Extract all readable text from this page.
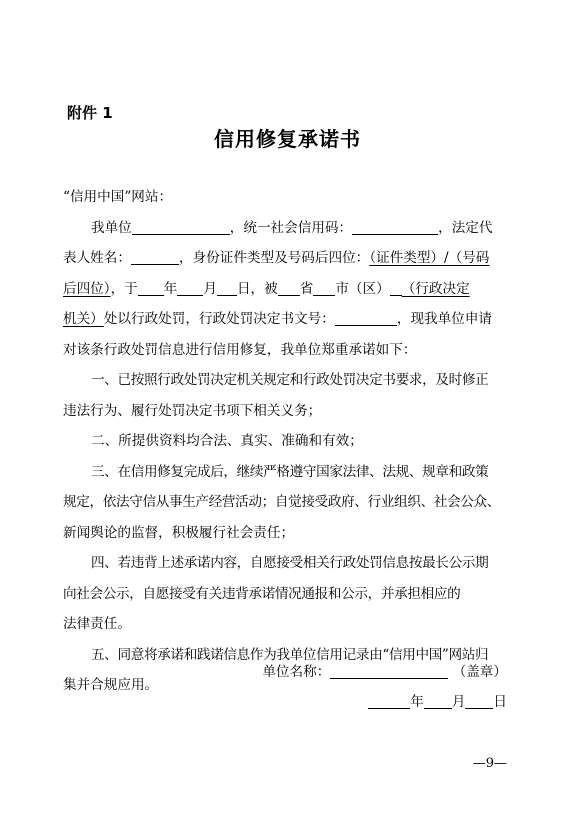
附件 1
信用修复承诺书
“信用中国”网站：
我单位	，统一社会信用码：	，法定代
表人姓名：	，身份证件类型及号码后四位：（证件类型）/（号码
后四位），于 年 月 日，被 省 市（区） （行政决定
机关）处以行政处罚，行政处罚决定书文号：	，现我单位申请
对该条行政处罚信息进行信用修复，我单位郑重承诺如下：
一、已按照行政处罚决定机关规定和行政处罚决定书要求，及时修正
违法行为、履行处罚决定书项下相关义务；
二、所提供资料均合法、真实、准确和有效；
三、在信用修复完成后，继续严格遵守国家法律、法规、规章和政策
规定，依法守信从事生产经营活动；自觉接受政府、行业组织、社会公众、
新闻舆论的监督，积极履行社会责任；
四、若违背上述承诺内容，自愿接受相关行政处罚信息按最长公示期
向社会公示，自愿接受有关违背承诺情况通报和公示，并承担相应的
法律责任。
五、同意将承诺和践诺信息作为我单位信用记录由“信用中国”网站归
集并合规应用。
单位名称：	（盖章）
年 月 日
—9—
